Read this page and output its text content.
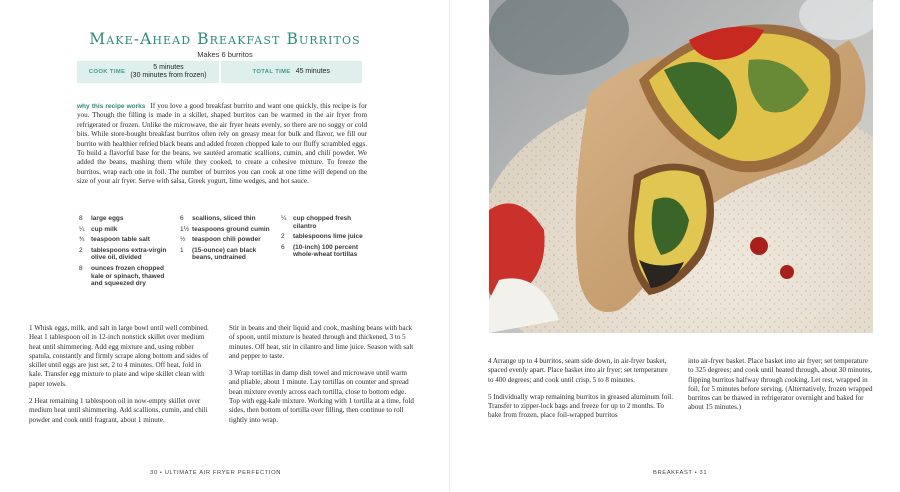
Make-Ahead Breakfast Burritos
Makes 6 burritos
COOK TIME
5 minutes
(30 minutes from frozen)
TOTAL TIME 45 minutes

why this recipe works If you love a good breakfast burrito and want one quickly, this recipe is for you. Though the filling is made in a skillet, shaped burritos can be warmed in the air fryer from refrigerated or frozen. Unlike the microwave, the air fryer heats evenly, so there are no soggy or cold bits. While store-bought breakfast burritos often rely on greasy meat for bulk and flavor, we fill our burrito with healthier refried black beans and added frozen chopped kale to our fluffy scrambled eggs. To build a flavorful base for the beans, we sautéed aromatic scallions, cumin, and chili powder. We added the beans, mashing them while they cooked, to create a cohesive mixture. To freeze the burritos, wrap each one in foil. The number of burritos you can cook at one time will depend on the size of your air fryer. Serve with salsa, Greek yogurt, lime wedges, and hot sauce.

8	large eggs
¼	cup milk
¾	teaspoon table salt
2	tablespoons extra-virgin olive oil, divided
8	ounces frozen chopped kale or spinach, thawed and squeezed dry
6	scallions, sliced thin
1½ teaspoons ground cumin
½	teaspoon chili powder
1	(15-ounce) can black beans, undrained
¼	cup chopped fresh cilantro
2	tablespoons lime juice
6	(10-inch) 100 percent whole-wheat tortillas

1 Whisk eggs, milk, and salt in large bowl until well combined. Heat 1 tablespoon oil in 12-inch nonstick skillet over medium heat until shimmering. Add egg mixture and, using rubber spatula, constantly and firmly scrape along bottom and sides of skillet until eggs are just set, 2 to 4 minutes. Off heat, fold in kale. Transfer egg mixture to plate and wipe skillet clean with paper towels.

2 Heat remaining 1 tablespoon oil in now-empty skillet over medium heat until shimmering. Add scallions, cumin, and chili powder and cook until fragrant, about 1 minute.

Stir in beans and their liquid and cook, mashing beans with back of spoon, until mixture is heated through and thickened, 3 to 5 minutes. Off heat, stir in cilantro and lime juice. Season with salt and pepper to taste.

3 Wrap tortillas in damp dish towel and microwave until warm and pliable, about 1 minute. Lay tortillas on counter and spread bean mixture evenly across each tortilla, close to bottom edge. Top with egg-kale mixture. Working with 1 tortilla at a time, fold sides, then bottom of tortilla over filling, then continue to roll tightly into wrap.

30 • ULTIMATE AIR FRYER PERFECTION

4 Arrange up to 4 burritos, seam side down, in air-fryer basket, spaced evenly apart. Place basket into air fryer; set temperature to 400 degrees; and cook until crisp, 5 to 8 minutes.

5 Individually wrap remaining burritos in greased aluminum foil. Transfer to zipper-lock bags and freeze for up to 2 months. To bake from frozen, place foil-wrapped burritos

into air-fryer basket. Place basket into air fryer; set temperature to 325 degrees; and cook until heated through, about 30 minutes, flipping burritos halfway through cooking. Let rest, wrapped in foil, for 5 minutes before serving. (Alternatively, frozen wrapped burritos can be thawed in refrigerator overnight and baked for about 15 minutes.)

BREAKFAST • 31
